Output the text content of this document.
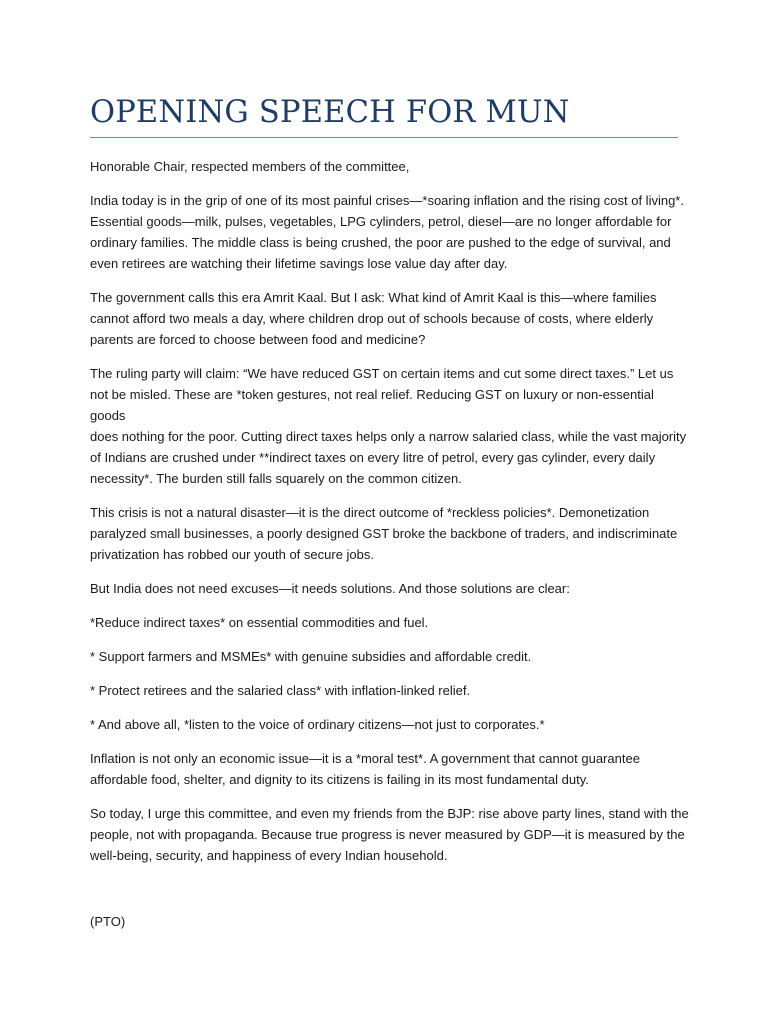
OPENING SPEECH FOR MUN

Honorable Chair, respected members of the committee,

India today is in the grip of one of its most painful crises—*soaring inflation and the rising cost of living*.
Essential goods—milk, pulses, vegetables, LPG cylinders, petrol, diesel—are no longer affordable for
ordinary families. The middle class is being crushed, the poor are pushed to the edge of survival, and
even retirees are watching their lifetime savings lose value day after day.

The government calls this era Amrit Kaal. But I ask: What kind of Amrit Kaal is this—where families
cannot afford two meals a day, where children drop out of schools because of costs, where elderly
parents are forced to choose between food and medicine?

The ruling party will claim: “We have reduced GST on certain items and cut some direct taxes.” Let us
not be misled. These are *token gestures, not real relief. Reducing GST on luxury or non-essential goods
does nothing for the poor. Cutting direct taxes helps only a narrow salaried class, while the vast majority
of Indians are crushed under **indirect taxes on every litre of petrol, every gas cylinder, every daily
necessity*. The burden still falls squarely on the common citizen.

This crisis is not a natural disaster—it is the direct outcome of *reckless policies*. Demonetization
paralyzed small businesses, a poorly designed GST broke the backbone of traders, and indiscriminate
privatization has robbed our youth of secure jobs.

But India does not need excuses—it needs solutions. And those solutions are clear:

*Reduce indirect taxes* on essential commodities and fuel.

* Support farmers and MSMEs* with genuine subsidies and affordable credit.

* Protect retirees and the salaried class* with inflation-linked relief.

* And above all, *listen to the voice of ordinary citizens—not just to corporates.*

Inflation is not only an economic issue—it is a *moral test*. A government that cannot guarantee
affordable food, shelter, and dignity to its citizens is failing in its most fundamental duty.

So today, I urge this committee, and even my friends from the BJP: rise above party lines, stand with the
people, not with propaganda. Because true progress is never measured by GDP—it is measured by the
well-being, security, and happiness of every Indian household.

(PTO)
